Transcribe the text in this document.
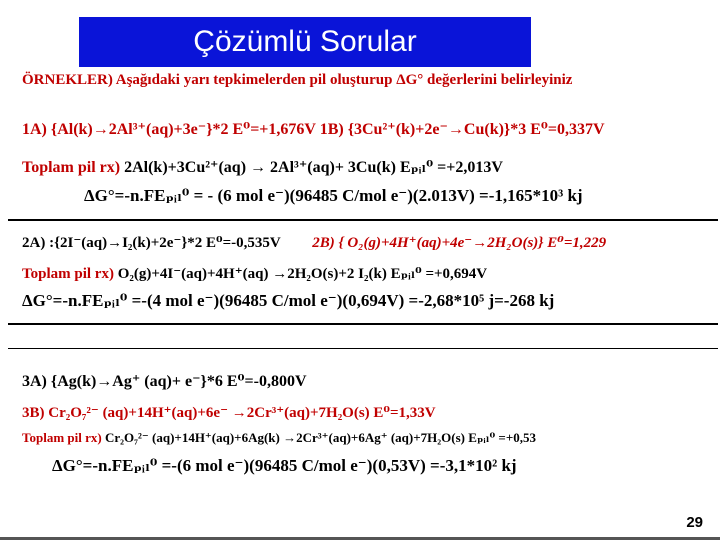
Çözümlü Sorular
ÖRNEKLER) Aşağıdaki yarı tepkimelerden pil oluşturup ΔG° değerlerini belirleyiniz
1A) {Al(k)→2Al³⁺(aq)+3e⁻}*2 E⁰=+1,676V 1B) {3Cu²⁺(k)+2e⁻→Cu(k)}*3 E⁰=0,337V
Toplam pil rx) 2Al(k)+3Cu²⁺(aq) → 2Al³⁺(aq)+ 3Cu(k) Eₚᵢₗ⁰ =+2,013V
ΔG°=-n.FEₚᵢₗ⁰ = - (6 mol e⁻)(96485 C/mol e⁻)(2.013V) =-1,165*10³ kj
2A) :{2I⁻(aq)→I₂(k)+2e⁻}*2 E⁰=-0,535V 2B) { O₂(g)+4H⁺(aq)+4e⁻→2H₂O(s)} E⁰=1,229
Toplam pil rx) O₂(g)+4I⁻(aq)+4H⁺(aq) →2H₂O(s)+2 I₂(k) Eₚᵢₗ⁰ =+0,694V
ΔG°=-n.FEₚᵢₗ⁰ =-(4 mol e⁻)(96485 C/mol e⁻)(0,694V) =-2,68*10⁵ j=-268 kj
3A) {Ag(k)→Ag⁺ (aq)+ e⁻}*6 E⁰=-0,800V
3B) Cr₂O₇²⁻ (aq)+14H⁺(aq)+6e⁻ →2Cr³⁺(aq)+7H₂O(s) E⁰=1,33V
Toplam pil rx) Cr₂O₇²⁻ (aq)+14H⁺(aq)+6Ag(k) →2Cr³⁺(aq)+6Ag⁺ (aq)+7H₂O(s) Eₚᵢₗ⁰ =+0,53
ΔG°=-n.FEₚᵢₗ⁰ =-(6 mol e⁻)(96485 C/mol e⁻)(0,53V) =-3,1*10² kj
29
